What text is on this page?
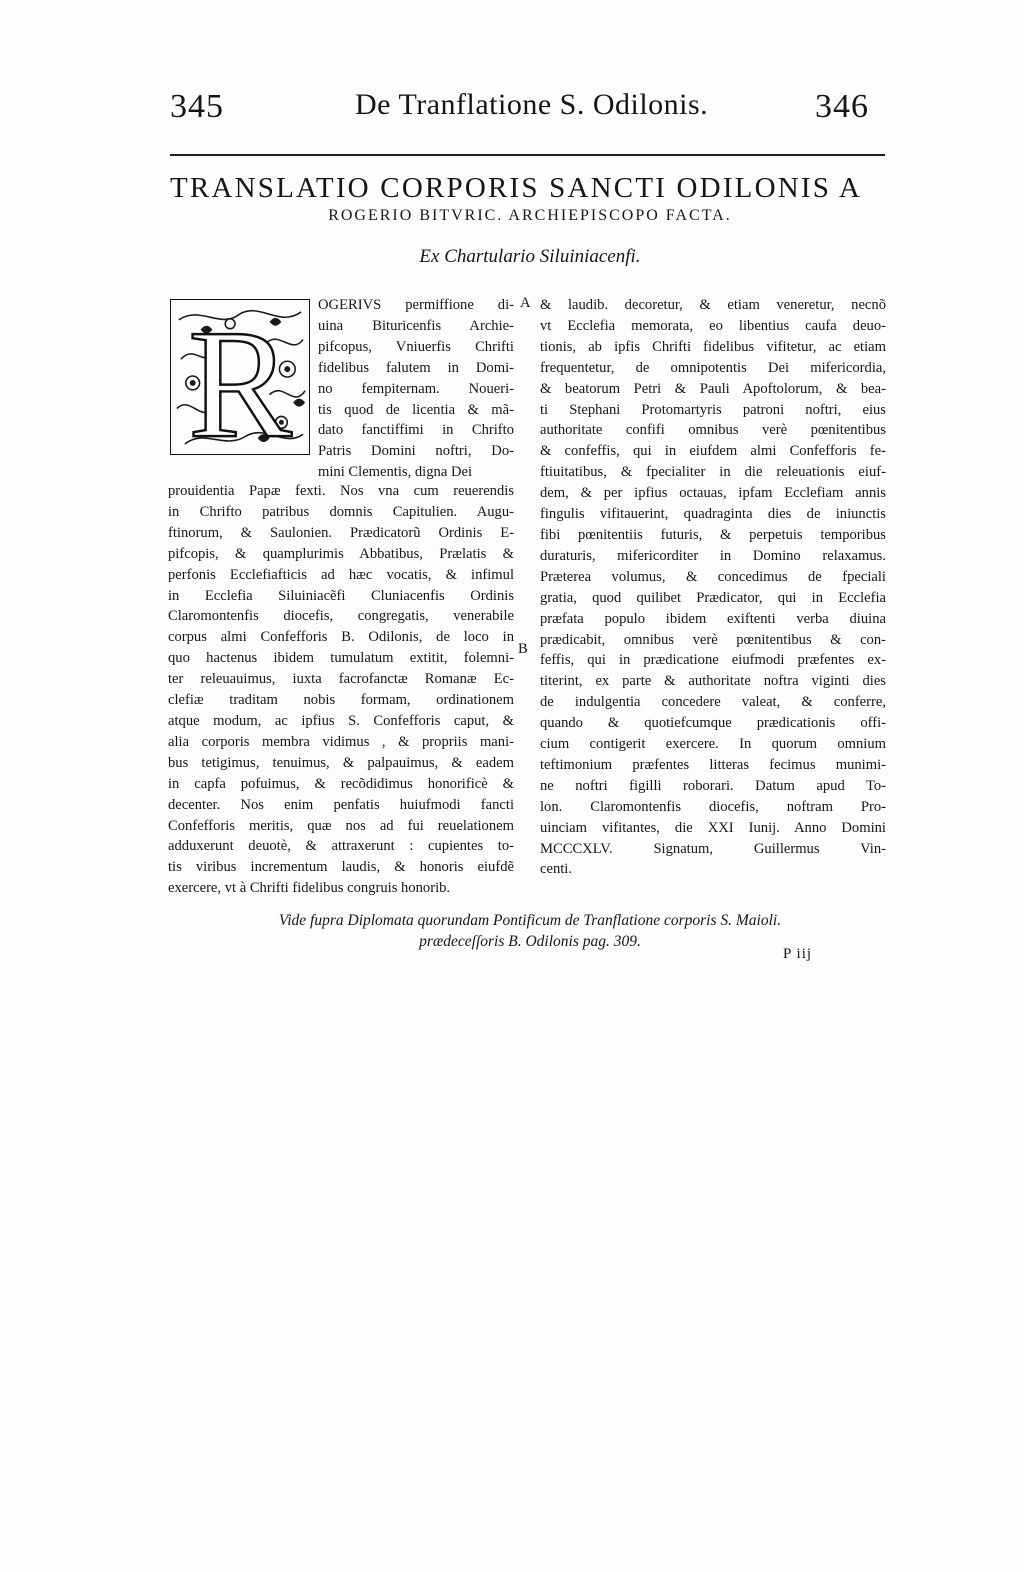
345	De Tranflatione S. Odilonis.	346
TRANSLATIO CORPORIS SANCTI ODILONIS A
ROGERIO BITVRIC. ARCHIEPISCOPO FACTA.
Ex Chartulario Siluiniacenfi.
R OGERIVS permiffione di-
uina Bituricenfis Archie-
pifcopus, Vniuerfis Chrifti
fidelibus falutem in Domi-
no fempiternam. Noueri-
tis quod de licentia & mã-
dato fanctiffimi in Chrifto
Patris Domini noftri, Do-
mini Clementis, digna Dei
prouidentia Papæ fexti. Nos vna cum reuerendis
in Chrifto patribus domnis Capitulien. Augu-
ftinorum, & Saulonien. Prædicatorũ Ordinis E-
pifcopis, & quamplurimis Abbatibus, Prælatis &
perfonis Ecclefiafticis ad hæc vocatis, & infimul
in Ecclefia Siluiniacẽfi Cluniacenfis Ordinis
Claromontenfis diocefis, congregatis, venerabile
corpus almi Confefforis B. Odilonis, de loco in
quo hactenus ibidem tumulatum extitit, folemni-
ter releuauimus, iuxta facrofanctæ Romanæ Ec-
clefiæ traditam nobis formam, ordinationem
atque modum, ac ipfius S. Confefforis caput, &
alia corporis membra vidimus , & propriis mani-
bus tetigimus, tenuimus, & palpauimus, & eadem
in capfa pofuimus, & recõdidimus honorificè &
decenter. Nos enim penfatis huiufmodi fancti
Confefforis meritis, quæ nos ad fui reuelationem
adduxerunt deuotè, & attraxerunt : cupientes to-
tis viribus incrementum laudis, & honoris eiufdẽ
exercere, vt à Chrifti fidelibus congruis honorib.
& laudib. decoretur, & etiam veneretur, necnõ
vt Ecclefia memorata, eo libentius caufa deuo-
tionis, ab ipfis Chrifti fidelibus vifitetur, ac etiam
frequentetur, de omnipotentis Dei mifericordia,
& beatorum Petri & Pauli Apoftolorum, & bea-
ti Stephani Protomartyris patroni noftri, eius
authoritate confifi omnibus verè pœnitentibus
& confeffis, qui in eiufdem almi Confefforis fe-
ftiuitatibus, & fpecialiter in die releuationis eiuf-
dem, & per ipfius octauas, ipfam Ecclefiam annis
fingulis vifitauerint, quadraginta dies de iniunctis
fibi pœnitentiis futuris, & perpetuis temporibus
duraturis, mifericorditer in Domino relaxamus.
Præterea volumus, & concedimus de fpeciali
gratia, quod quilibet Prædicator, qui in Ecclefia
præfata populo ibidem exiftenti verba diuina
prædicabit, omnibus verè pœnitentibus & con-
feffis, qui in prædicatione eiufmodi præfentes ex-
titerint, ex parte & authoritate noftra viginti dies
de indulgentia concedere valeat, & conferre,
quando & quotiefcumque prædicationis offi-
cium contigerit exercere. In quorum omnium
teftimonium præfentes litteras fecimus munimi-
ne noftri figilli roborari. Datum apud To-
lon. Claromontenfis diocefis, noftram Pro-
uinciam vifitantes, die XXI Iunij. Anno Domini
MCCCXLV. Signatum, Guillermus Vin-
centi.
A
B
Vide fupra Diplomata quorundam Pontificum de Tranflatione corporis S. Maioli.
prædeceſſoris B. Odilonis pag. 309.
P iij
